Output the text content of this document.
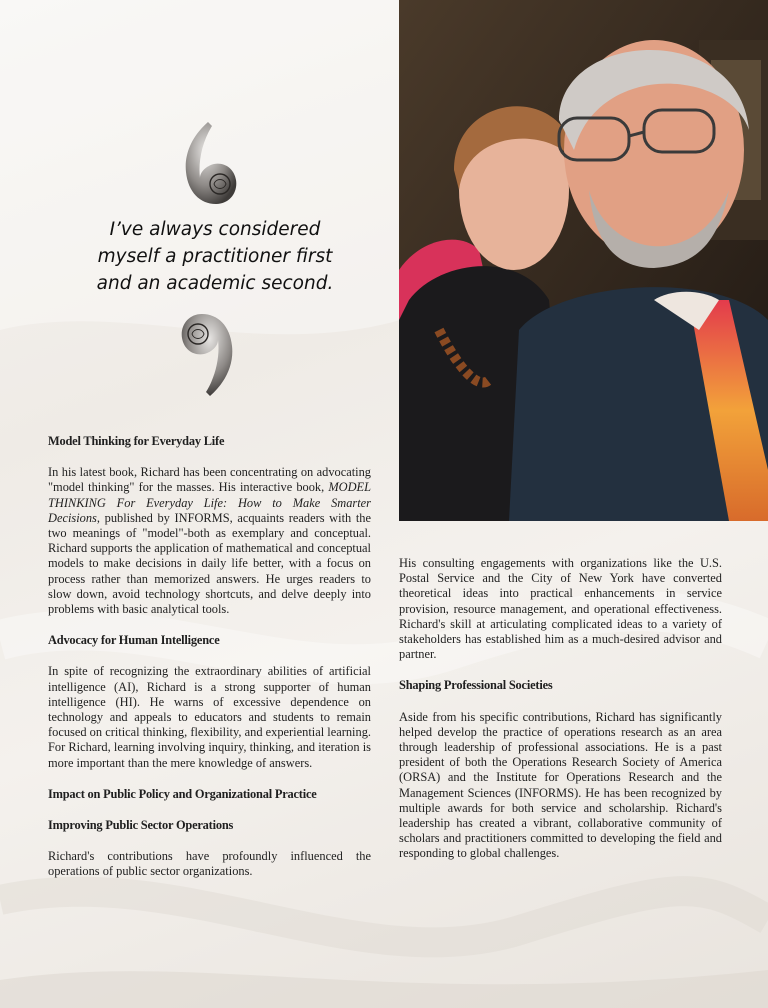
I’ve always considered
myself a practitioner first
and an academic second.
Model Thinking for Everyday Life

In his latest book, Richard has been concentrating on advocating "model thinking" for the masses. His interactive book, MODEL THINKING For Everyday Life: How to Make Smarter Decisions, published by INFORMS, acquaints readers with the two meanings of "model"-both as exemplary and conceptual. Richard supports the application of mathematical and conceptual models to make decisions in daily life better, with a focus on process rather than memorized answers. He urges readers to slow down, avoid technology shortcuts, and delve deeply into problems with basic analytical tools.

Advocacy for Human Intelligence

In spite of recognizing the extraordinary abilities of artificial intelligence (AI), Richard is a strong supporter of human intelligence (HI). He warns of excessive dependence on technology and appeals to educators and students to remain focused on critical thinking, flexibility, and experiential learning. For Richard, learning involving inquiry, thinking, and iteration is more important than the mere knowledge of answers.

Impact on Public Policy and Organizational Practice
Improving Public Sector Operations

Richard's contributions have profoundly influenced the operations of public sector organizations.

His consulting engagements with organizations like the U.S. Postal Service and the City of New York have converted theoretical ideas into practical enhancements in service provision, resource management, and operational effectiveness. Richard's skill at articulating complicated ideas to a variety of stakeholders has established him as a much-desired advisor and partner.

Shaping Professional Societies

Aside from his specific contributions, Richard has significantly helped develop the practice of operations research as an area through leadership of professional associations. He is a past president of both the Operations Research Society of America (ORSA) and the Institute for Operations Research and the Management Sciences (INFORMS). He has been recognized by multiple awards for both service and scholarship. Richard's leadership has created a vibrant, collaborative community of scholars and practitioners committed to developing the field and responding to global challenges.
